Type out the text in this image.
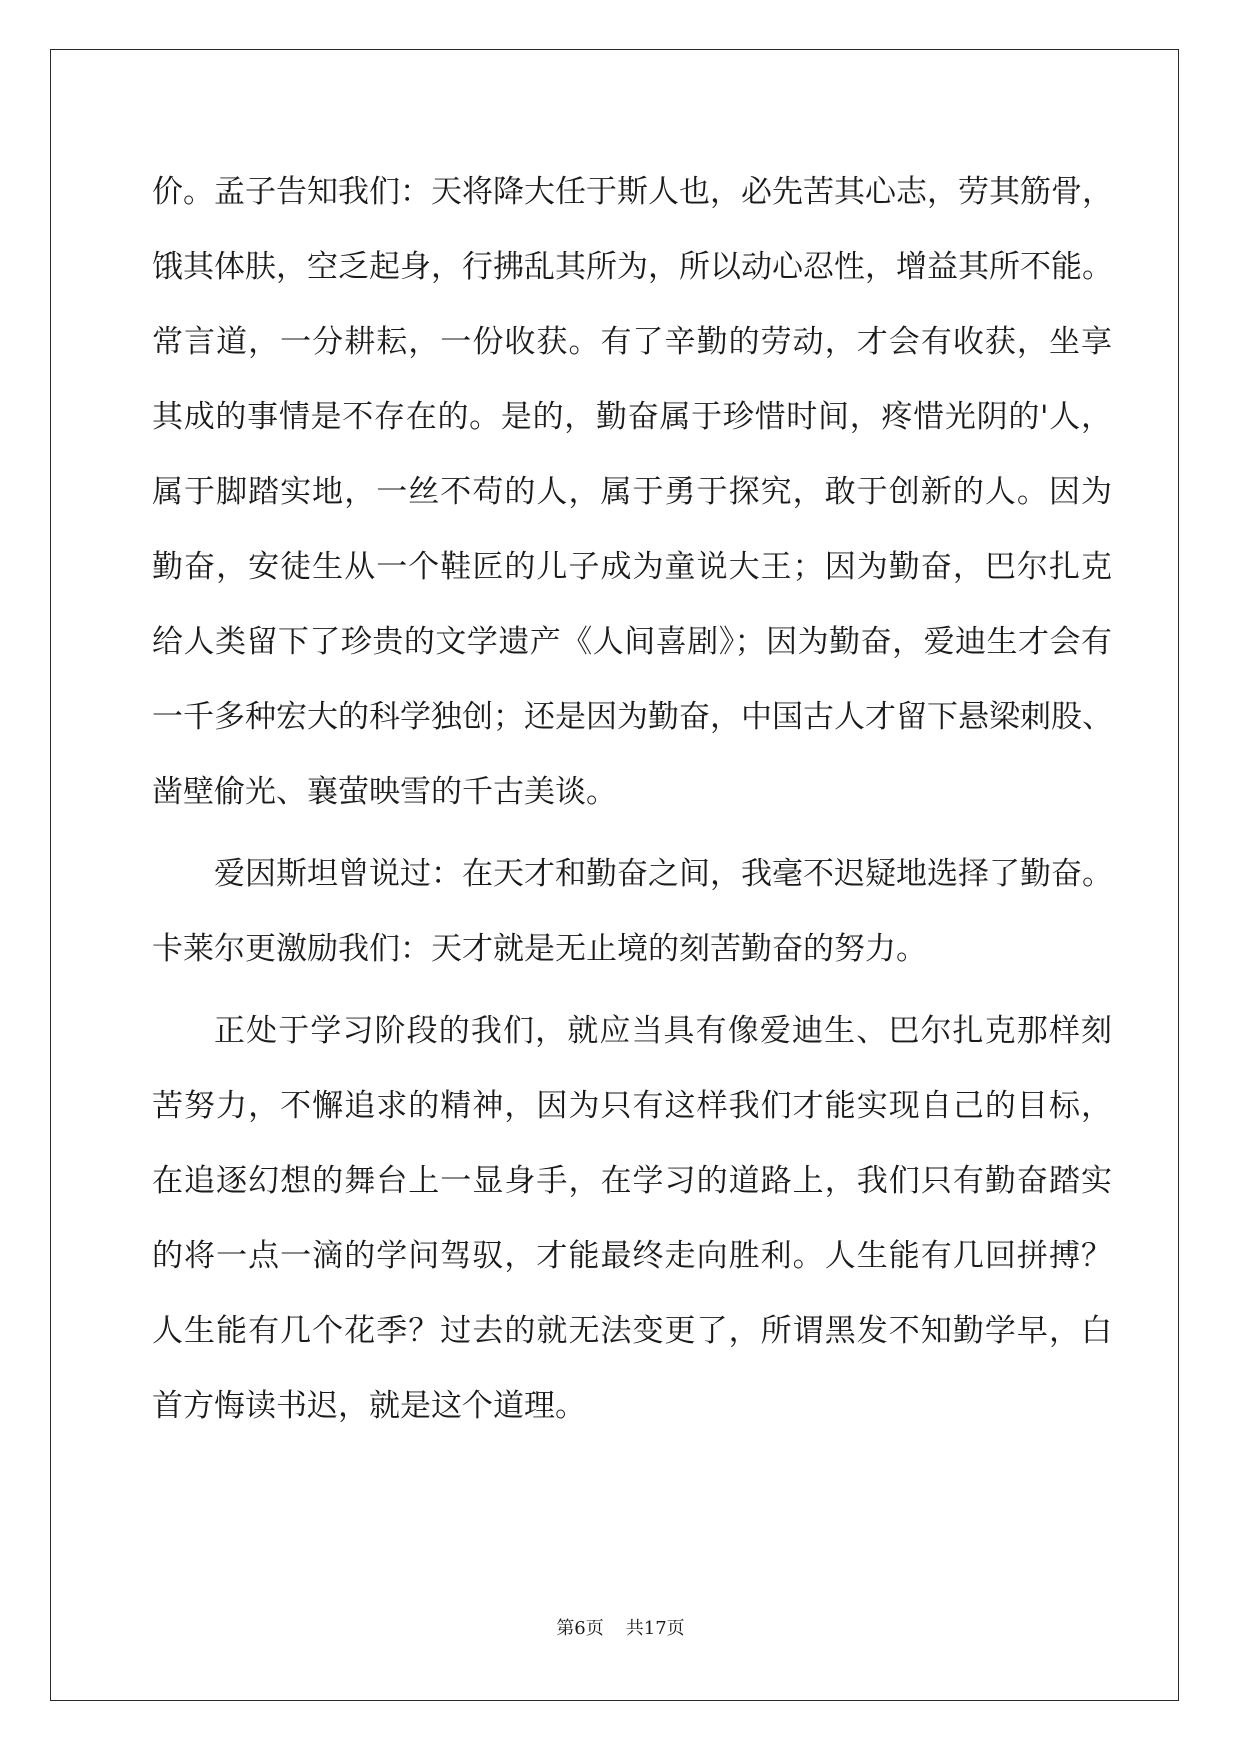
价。孟子告知我们：天将降大任于斯人也，必先苦其心志，劳其筋骨，
饿其体肤，空乏起身，行拂乱其所为，所以动心忍性，增益其所不能。
常言道，一分耕耘，一份收获。有了辛勤的劳动，才会有收获，坐享
其成的事情是不存在的。是的，勤奋属于珍惜时间，疼惜光阴的'人，
属于脚踏实地，一丝不苟的人，属于勇于探究，敢于创新的人。因为
勤奋，安徒生从一个鞋匠的儿子成为童说大王；因为勤奋，巴尔扎克
给人类留下了珍贵的文学遗产《人间喜剧》；因为勤奋，爱迪生才会有
一千多种宏大的科学独创；还是因为勤奋，中国古人才留下悬梁刺股、
凿壁偷光、襄萤映雪的千古美谈。
爱因斯坦曾说过：在天才和勤奋之间，我毫不迟疑地选择了勤奋。
卡莱尔更激励我们：天才就是无止境的刻苦勤奋的努力。
正处于学习阶段的我们，就应当具有像爱迪生、巴尔扎克那样刻
苦努力，不懈追求的精神，因为只有这样我们才能实现自己的目标，
在追逐幻想的舞台上一显身手，在学习的道路上，我们只有勤奋踏实
的将一点一滴的学问驾驭，才能最终走向胜利。人生能有几回拼搏？
人生能有几个花季？过去的就无法变更了，所谓黑发不知勤学早，白
首方悔读书迟，就是这个道理。
第6页 共17页
